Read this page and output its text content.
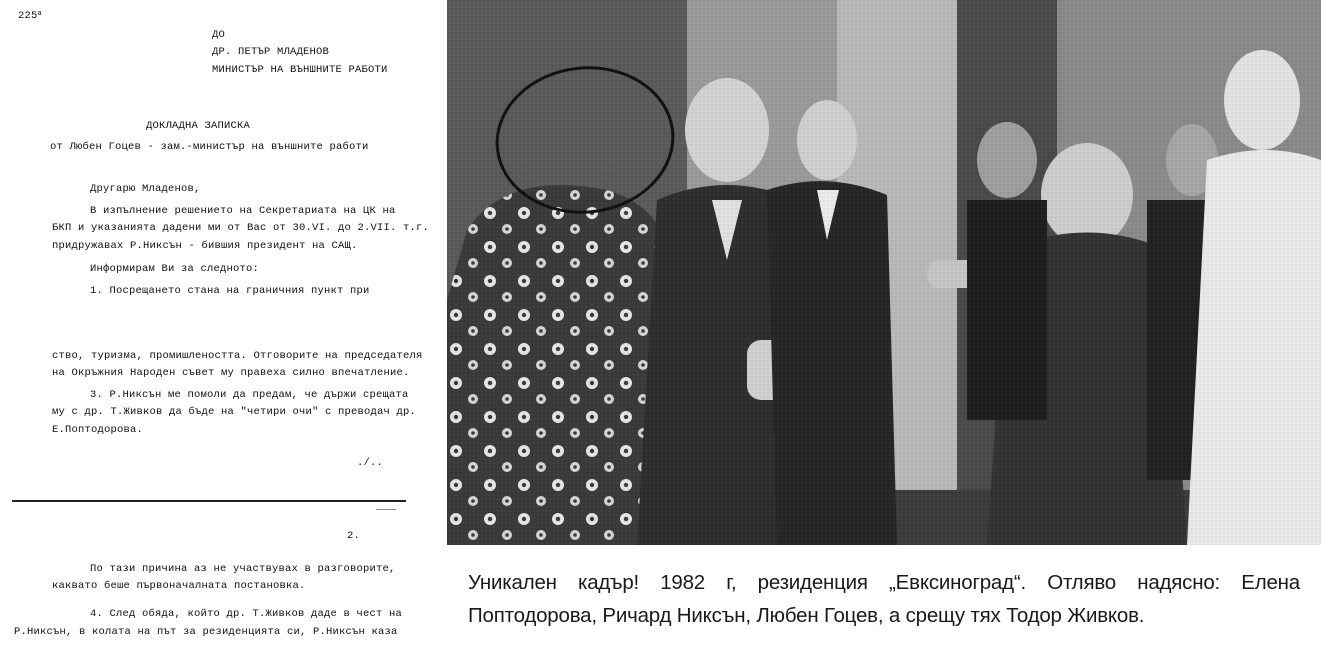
$225^а$
ДО
ДР. ПЕТЪР МЛАДЕНОВ
МИНИСТЪР НА ВЪНШНИТЕ РАБОТИ
ДОКЛАДНА ЗАПИСКА
от Любен Гоцев - зам.-министър на външните работи
Другарю Младенов,
В изпълнение решението на Секретариата на ЦК на
БКП и указанията дадени ми от Вас от 30.VI. до 2.VII. т.г.
придружавах Р.Никсън - бившия президент на САЩ.
Информирам Ви за следното:
1. Посрещането стана на граничния пункт при
ство, туризма, промишлеността. Отговорите на председателя
на Окръжния Народен съвет му правеха силно впечатление.
3. Р.Никсън ме помоли да предам, че държи срещата
му с др. Т.Живков да бъде на "четири очи" с преводач др.
Е.Поптодорова.
./..
2.
По тази причина аз не участвувах в разговорите,
каквато беше първоначалната постановка.
4. След обяда, който др. Т.Живков даде в чест на
Р.Никсън, в колата на път за резиденцията си, Р.Никсън каза
Уникален кадър! 1982 г, резиденция „Евксиноград“. Отляво надясно: Елена Поптодорова, Ричард Никсън, Любен Гоцев, а срещу тях Тодор Живков.
